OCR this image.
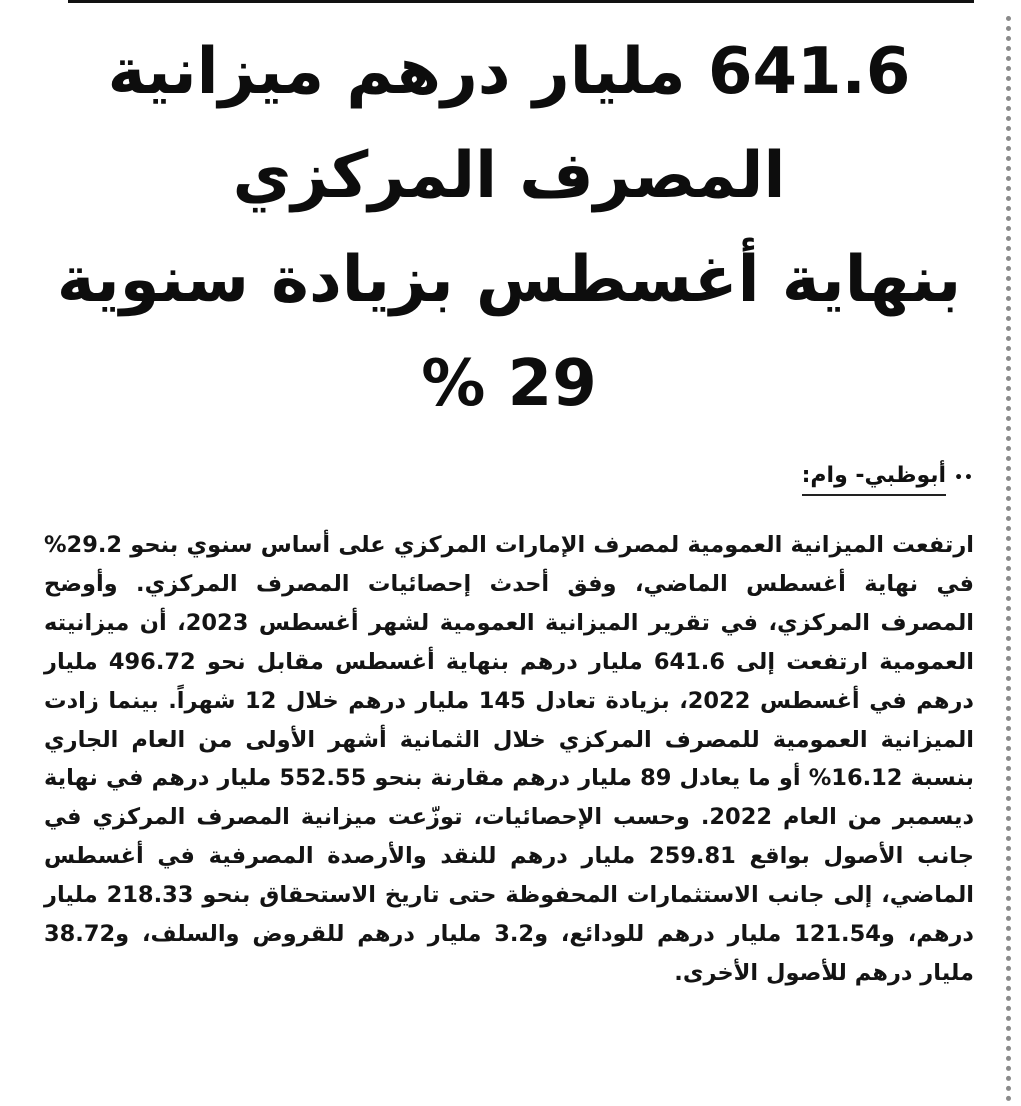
641.6 مليار درهم ميزانية المصرف المركزي
بنهاية أغسطس بزيادة سنوية 29 %
••
أبوظبي- وام:

ارتفعت الميزانية العمومية لمصرف الإمارات المركزي على أساس سنوي بنحو 29.2% في نهاية أغسطس الماضي، وفق أحدث إحصائيات المصرف المركزي. وأوضح المصرف المركزي، في تقرير الميزانية العمومية لشهر أغسطس 2023، أن ميزانيته العمومية ارتفعت إلى 641.6 مليار درهم بنهاية أغسطس مقابل نحو 496.72 مليار درهم في أغسطس 2022، بزيادة تعادل 145 مليار درهم خلال 12 شهراً. بينما زادت الميزانية العمومية للمصرف المركزي خلال الثمانية أشهر الأولى من العام الجاري بنسبة 16.12% أو ما يعادل 89 مليار درهم مقارنة بنحو 552.55 مليار درهم في نهاية ديسمبر من العام 2022. وحسب الإحصائيات، توزّعت ميزانية المصرف المركزي في جانب الأصول بواقع 259.81 مليار درهم للنقد والأرصدة المصرفية في أغسطس الماضي، إلى جانب الاستثمارات المحفوظة حتى تاريخ الاستحقاق بنحو 218.33 مليار درهم، و121.54 مليار درهم للودائع، و3.2 مليار درهم للقروض والسلف، و38.72 مليار درهم للأصول الأخرى.
